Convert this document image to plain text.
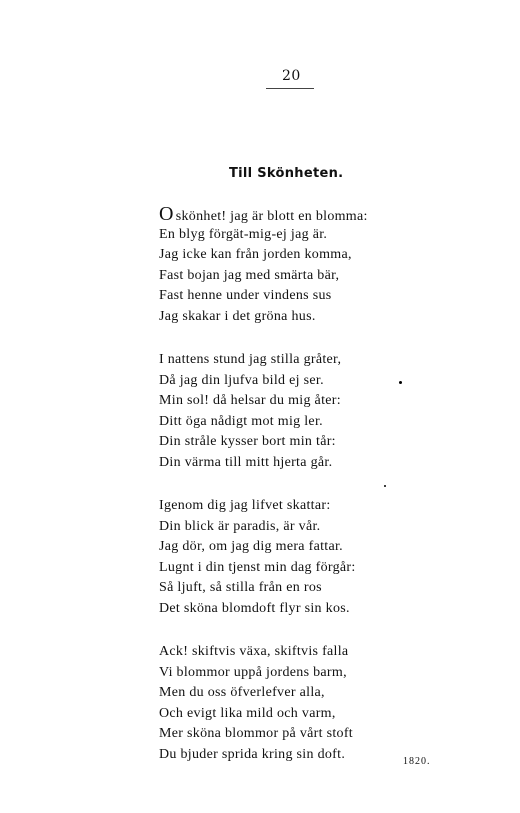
20
Till Skönheten.
O skönhet! jag är blott en blomma:
En blyg förgät-mig-ej jag är.
Jag icke kan från jorden komma,
Fast bojan jag med smärta bär,
Fast henne under vindens sus
Jag skakar i det gröna hus.
I nattens stund jag stilla gråter,
Då jag din ljufva bild ej ser.
Min sol! då helsar du mig åter:
Ditt öga nådigt mot mig ler.
Din stråle kysser bort min tår:
Din värma till mitt hjerta går.
Igenom dig jag lifvet skattar:
Din blick är paradis, är vår.
Jag dör, om jag dig mera fattar.
Lugnt i din tjenst min dag förgår:
Så ljuft, så stilla från en ros
Det sköna blomdoft flyr sin kos.
Ack! skiftvis växa, skiftvis falla
Vi blommor uppå jordens barm,
Men du oss öfverlefver alla,
Och evigt lika mild och varm,
Mer sköna blommor på vårt stoft
Du bjuder sprida kring sin doft.	1820.
